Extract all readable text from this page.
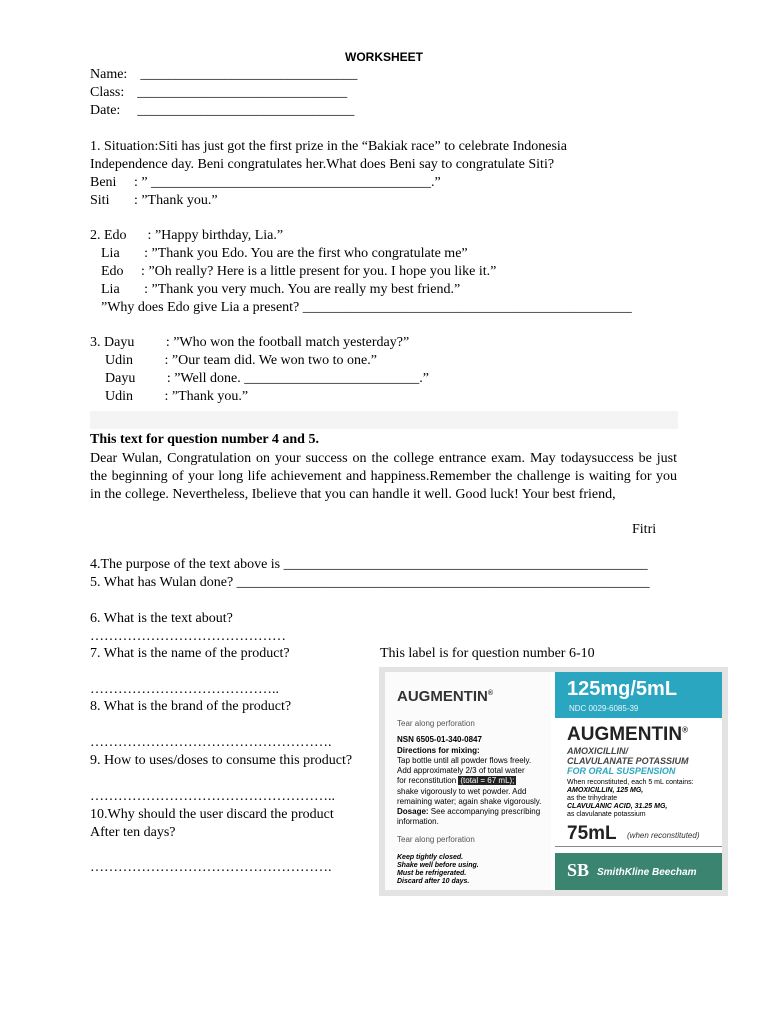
WORKSHEET
Name: _______________________________
Class: ______________________________
Date: _______________________________
1. Situation:Siti has just got the first prize in the “Bakiak race” to celebrate Indonesia
Independence day. Beni congratulates her.What does Beni say to congratulate Siti?
Beni     : ” ________________________________________.”
Siti       : ”Thank you.”
2. Edo      : ”Happy birthday, Lia.”
Lia       : ”Thank you Edo. You are the first who congratulate me”
Edo     : ”Oh really? Here is a little present for you. I hope you like it.”
Lia       : ”Thank you very much. You are really my best friend.”
”Why does Edo give Lia a present? _______________________________________________
3. Dayu         : ”Who won the football match yesterday?”
Udin         : ”Our team did. We won two to one.”
Dayu         : ”Well done. _________________________.”
Udin         : ”Thank you.”
This text for question number 4 and 5.
Dear Wulan, Congratulation on your success on the college entrance exam. May todaysuccess be just the beginning of your long life achievement and happiness.Remember the challenge is waiting for you in the college. Nevertheless, Ibelieve that you can handle it well. Good luck! Your best friend,
Fitri
4.The purpose of the text above is ____________________________________________________
5. What has Wulan done? ___________________________________________________________
6. What is the text about?
……………………………………
7. What is the name of the product?
…………………………………..
8. What is the brand of the product?
…………………………………………….
9. How to uses/doses to consume this product?
……………………………………………..
10.Why should the user discard the product
After ten days?
…………………………………………….
This label is for question number 6-10
AUGMENTIN®
Tear along perforation
NSN 6505-01-340-0847
Directions for mixing:
Tap bottle until all powder flows freely.
Add approximately 2/3 of total water
for reconstitution (total = 67 mL);
shake vigorously to wet powder. Add
remaining water; again shake vigorously.
Dosage: See accompanying prescribing
information.
Tear along perforation
Keep tightly closed.
Shake well before using.
Must be refrigerated.
Discard after 10 days.
125mg/5mL
NDC 0029-6085-39
AUGMENTIN®
AMOXICILLIN/
CLAVULANATE POTASSIUM
FOR ORAL SUSPENSION
When reconstituted, each 5 mL contains:
AMOXICILLIN, 125 MG,
as the trihydrate
CLAVULANIC ACID, 31.25 MG,
as clavulanate potassium
75mL (when reconstituted)
SB SmithKline Beecham
